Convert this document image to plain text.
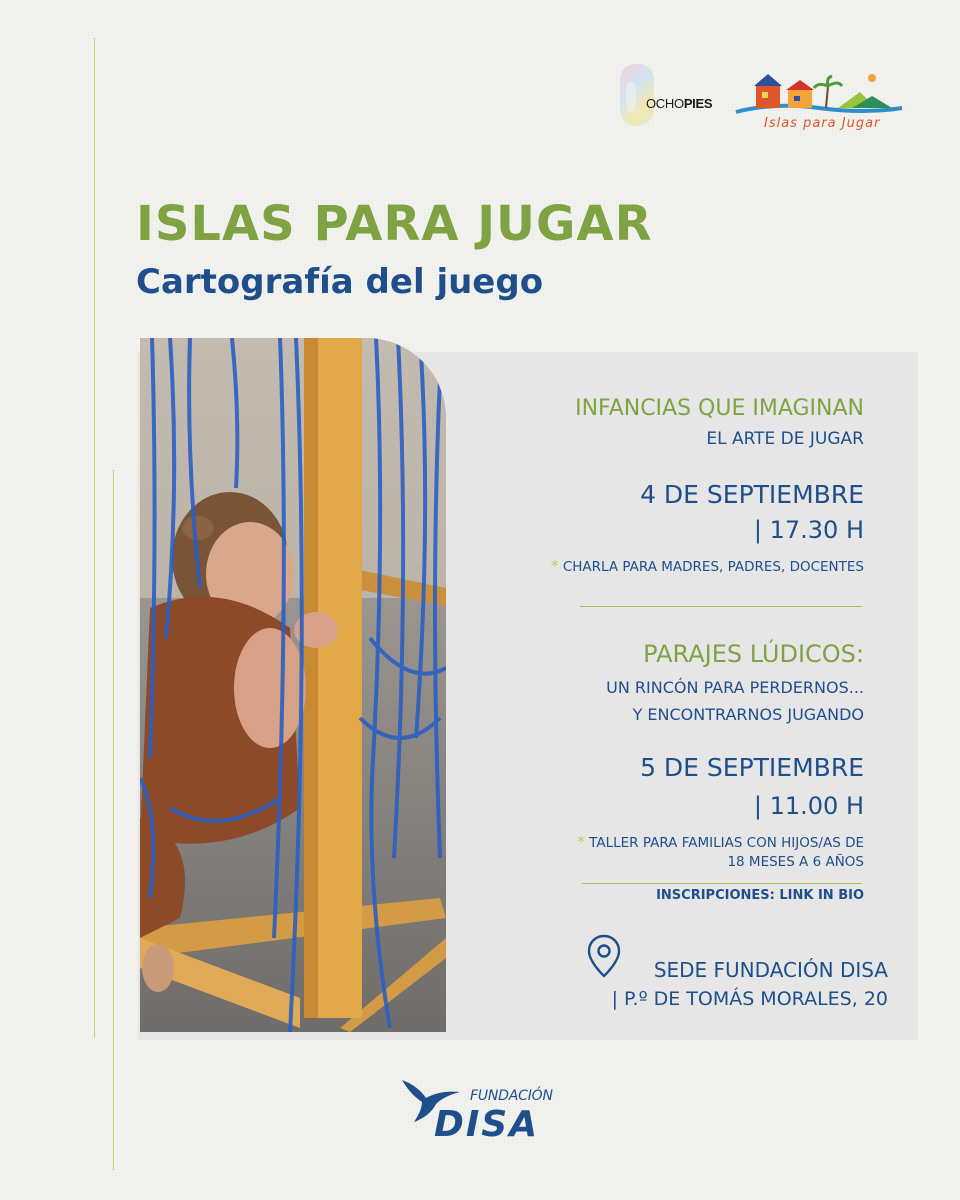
OCHOPIES
Islas para Jugar
ISLAS PARA JUGAR
Cartografía del juego
INFANCIAS QUE IMAGINAN
EL ARTE DE JUGAR
4 DE SEPTIEMBRE
| 17.30 H
* CHARLA PARA MADRES, PADRES, DOCENTES
PARAJES LÚDICOS:
UN RINCÓN PARA PERDERNOS...
Y ENCONTRARNOS JUGANDO
5 DE SEPTIEMBRE
| 11.00 H
* TALLER PARA FAMILIAS CON HIJOS/AS DE
18 MESES A 6 AÑOS
INSCRIPCIONES: LINK IN BIO
SEDE FUNDACIÓN DISA
| P.º DE TOMÁS MORALES, 20
FUNDACIÓN
DISA
